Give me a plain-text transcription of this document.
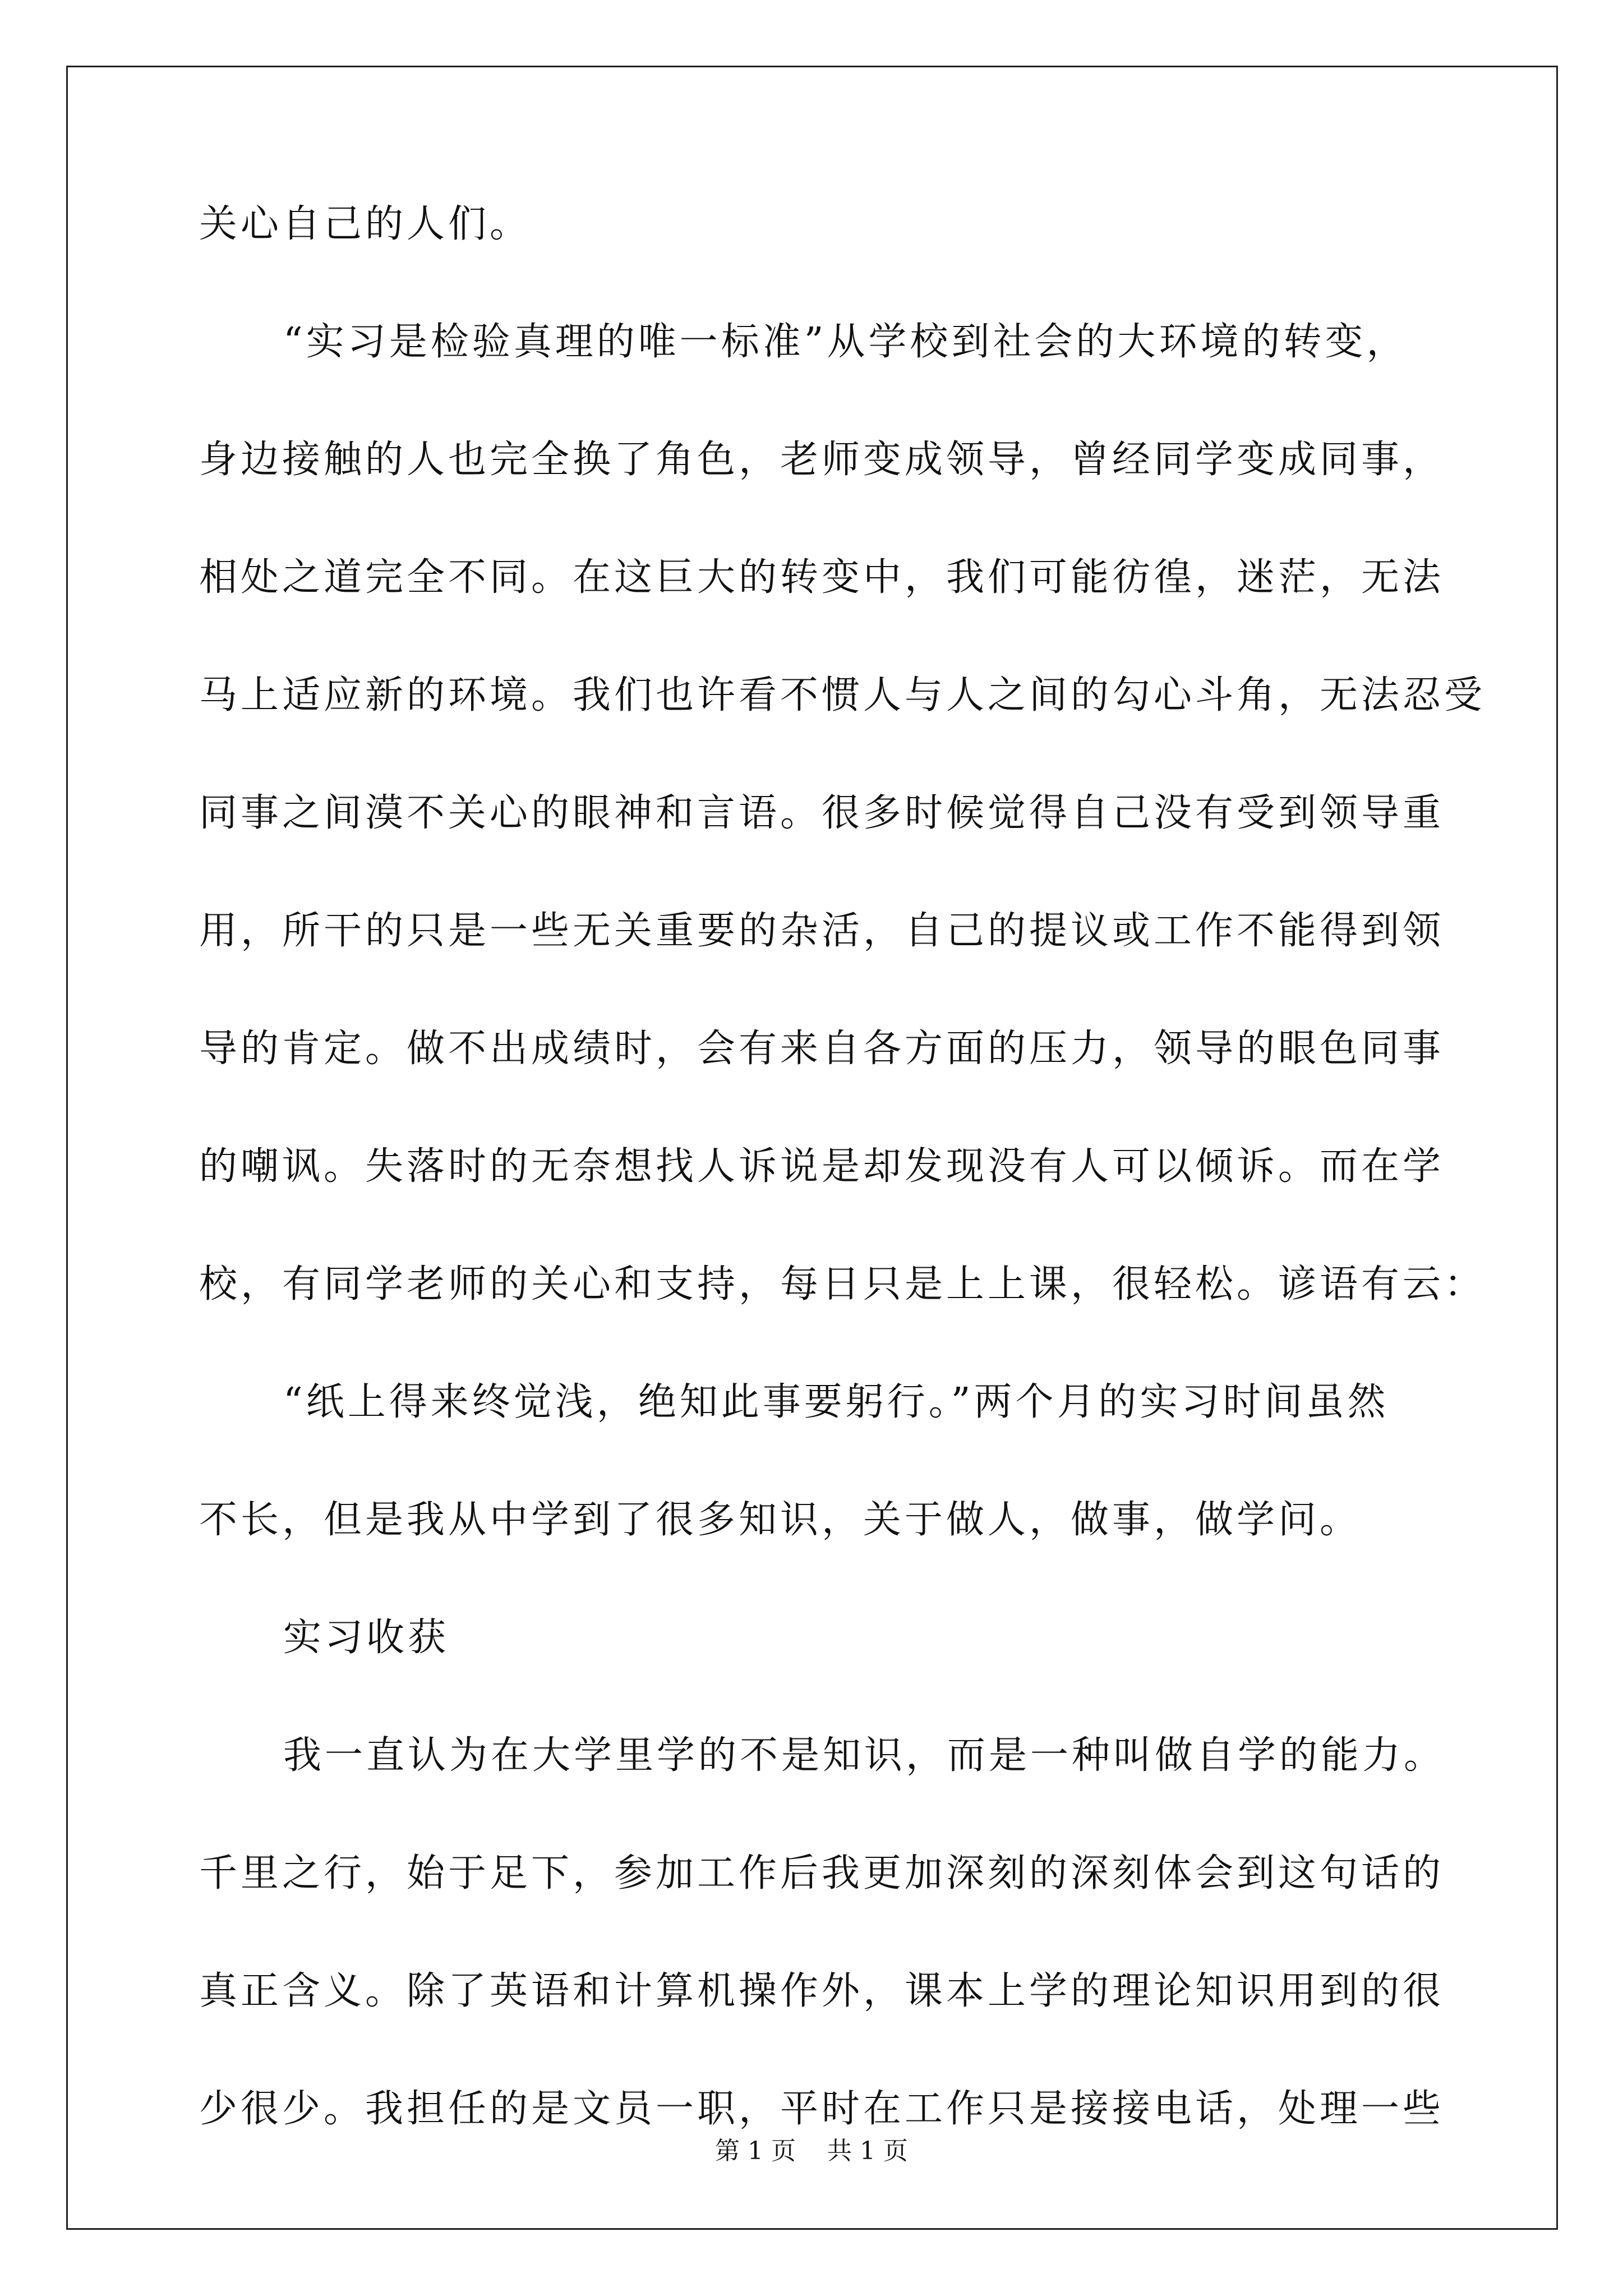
关心自己的人们。
“实习是检验真理的唯一标准”从学校到社会的大环境的转变，
身边接触的人也完全换了角色，老师变成领导，曾经同学变成同事，
相处之道完全不同。在这巨大的转变中，我们可能彷徨，迷茫，无法
马上适应新的环境。我们也许看不惯人与人之间的勾心斗角，无法忍受
同事之间漠不关心的眼神和言语。很多时候觉得自己没有受到领导重
用，所干的只是一些无关重要的杂活，自己的提议或工作不能得到领
导的肯定。做不出成绩时，会有来自各方面的压力，领导的眼色同事
的嘲讽。失落时的无奈想找人诉说是却发现没有人可以倾诉。而在学
校，有同学老师的关心和支持，每日只是上上课，很轻松。谚语有云：
“纸上得来终觉浅，绝知此事要躬行。”两个月的实习时间虽然
不长，但是我从中学到了很多知识，关于做人，做事，做学问。
实习收获
我一直认为在大学里学的不是知识，而是一种叫做自学的能力。
千里之行，始于足下，参加工作后我更加深刻的深刻体会到这句话的
真正含义。除了英语和计算机操作外，课本上学的理论知识用到的很
少很少。我担任的是文员一职，平时在工作只是接接电话，处理一些
第 1 页    共 1 页
